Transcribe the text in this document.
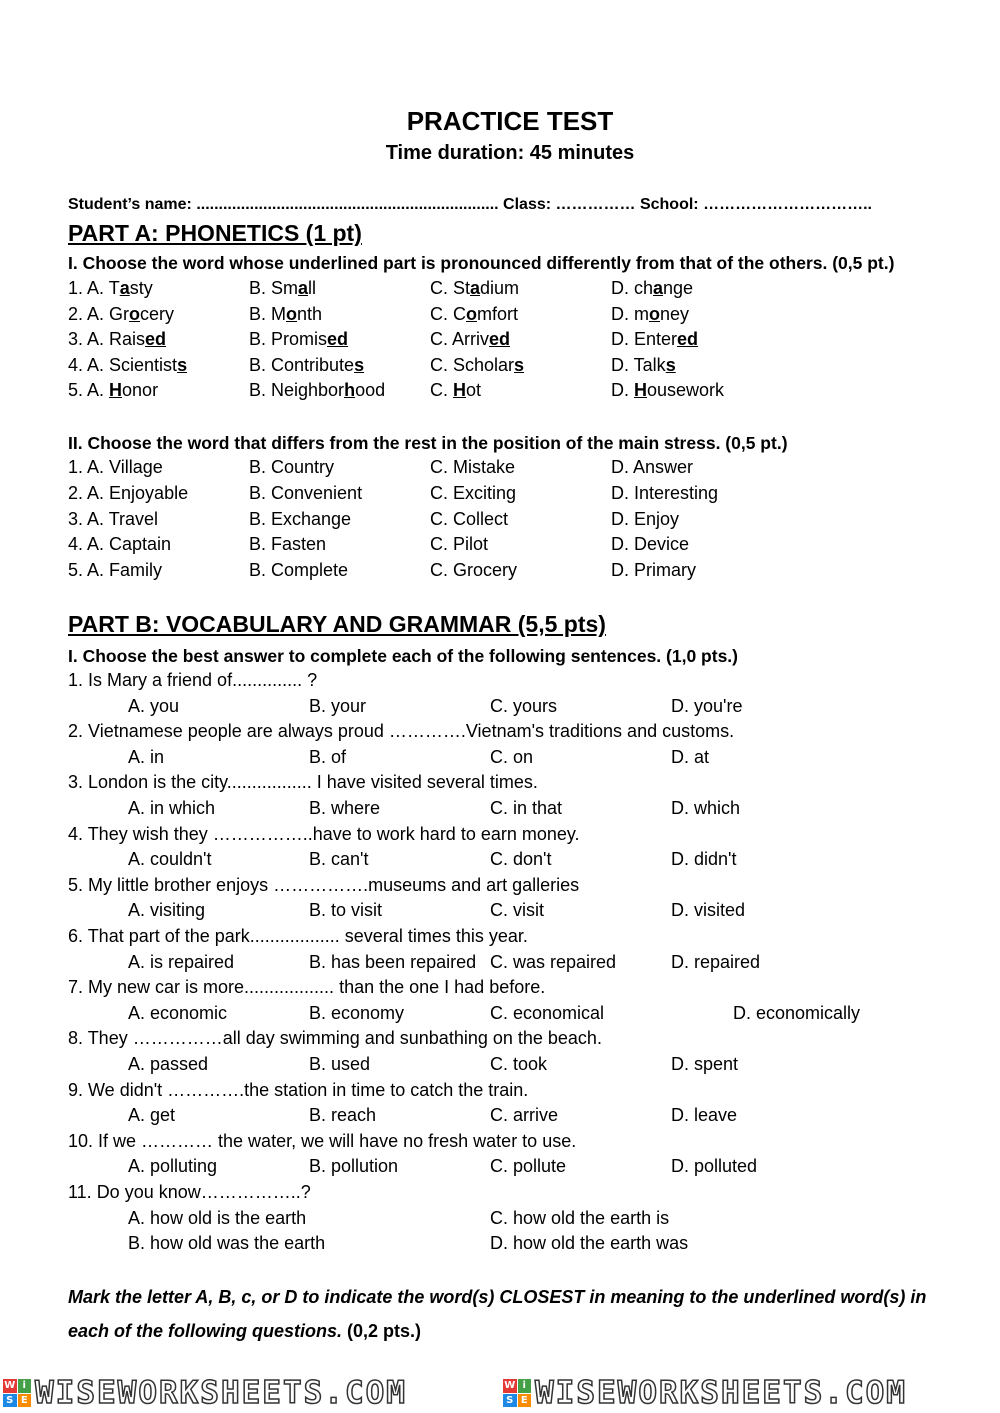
PRACTICE TEST
Time duration: 45 minutes
Student’s name: .................................................................... Class: …………… School: …………………………..
PART A: PHONETICS (1 pt)
I. Choose the word whose underlined part is pronounced differently from that of the others. (0,5 pt.)
1. A. Tasty	B. Small	C. Stadium	D. change
2. A. Grocery	B. Month	C. Comfort	D. money
3. A. Raised	B. Promised	C. Arrived	D. Entered
4. A. Scientists	B. Contributes	C. Scholars	D. Talks
5. A. Honor	B. Neighborhood C. Hot	D. Housework
II. Choose the word that differs from the rest in the position of the main stress. (0,5 pt.)
1. A. Village	B. Country	C. Mistake	D. Answer
2. A. Enjoyable	B. Convenient	C. Exciting	D. Interesting
3. A. Travel	B. Exchange	C. Collect	D. Enjoy
4. A. Captain	B. Fasten	C. Pilot	D. Device
5. A. Family	B. Complete	C. Grocery	D. Primary
PART B: VOCABULARY AND GRAMMAR (5,5 pts)
I. Choose the best answer to complete each of the following sentences. (1,0 pts.)
1. Is Mary a friend of.............. ?
A. you	B. your	C. yours	D. you're
2. Vietnamese people are always proud ………….Vietnam's traditions and customs.
A. in	B. of	C. on	D. at
3. London is the city................. I have visited several times.
A. in which	B. where	C. in that	D. which
4. They wish they ……………..have to work hard to earn money.
A. couldn't	B. can't	C. don't	D. didn't
5. My little brother enjoys …………….museums and art galleries
A. visiting	B. to visit	C. visit	D. visited
6. That part of the park.................. several times this year.
A. is repaired	B. has been repaired C. was repaired	D. repaired
7. My new car is more.................. than the one I had before.
A. economic	B. economy	C. economical	D. economically
8. They ……………all day swimming and sunbathing on the beach.
A. passed	B. used	C. took	D. spent
9. We didn't ………….the station in time to catch the train.
A. get	B. reach	C. arrive	D. leave
10. If we ………… the water, we will have no fresh water to use.
A. polluting	B. pollution	C. pollute	D. polluted
11. Do you know……………..?
A. how old is the earth	C. how old the earth is
B. how old was the earth	D. how old the earth was
Mark the letter A, B, c, or D to indicate the word(s) CLOSEST in meaning to the underlined word(s) in each of the following questions. (0,2 pts.)
W i
S E WISEWORKSHEETS.COM	W i
S E WISEWORKSHEETS.COM
